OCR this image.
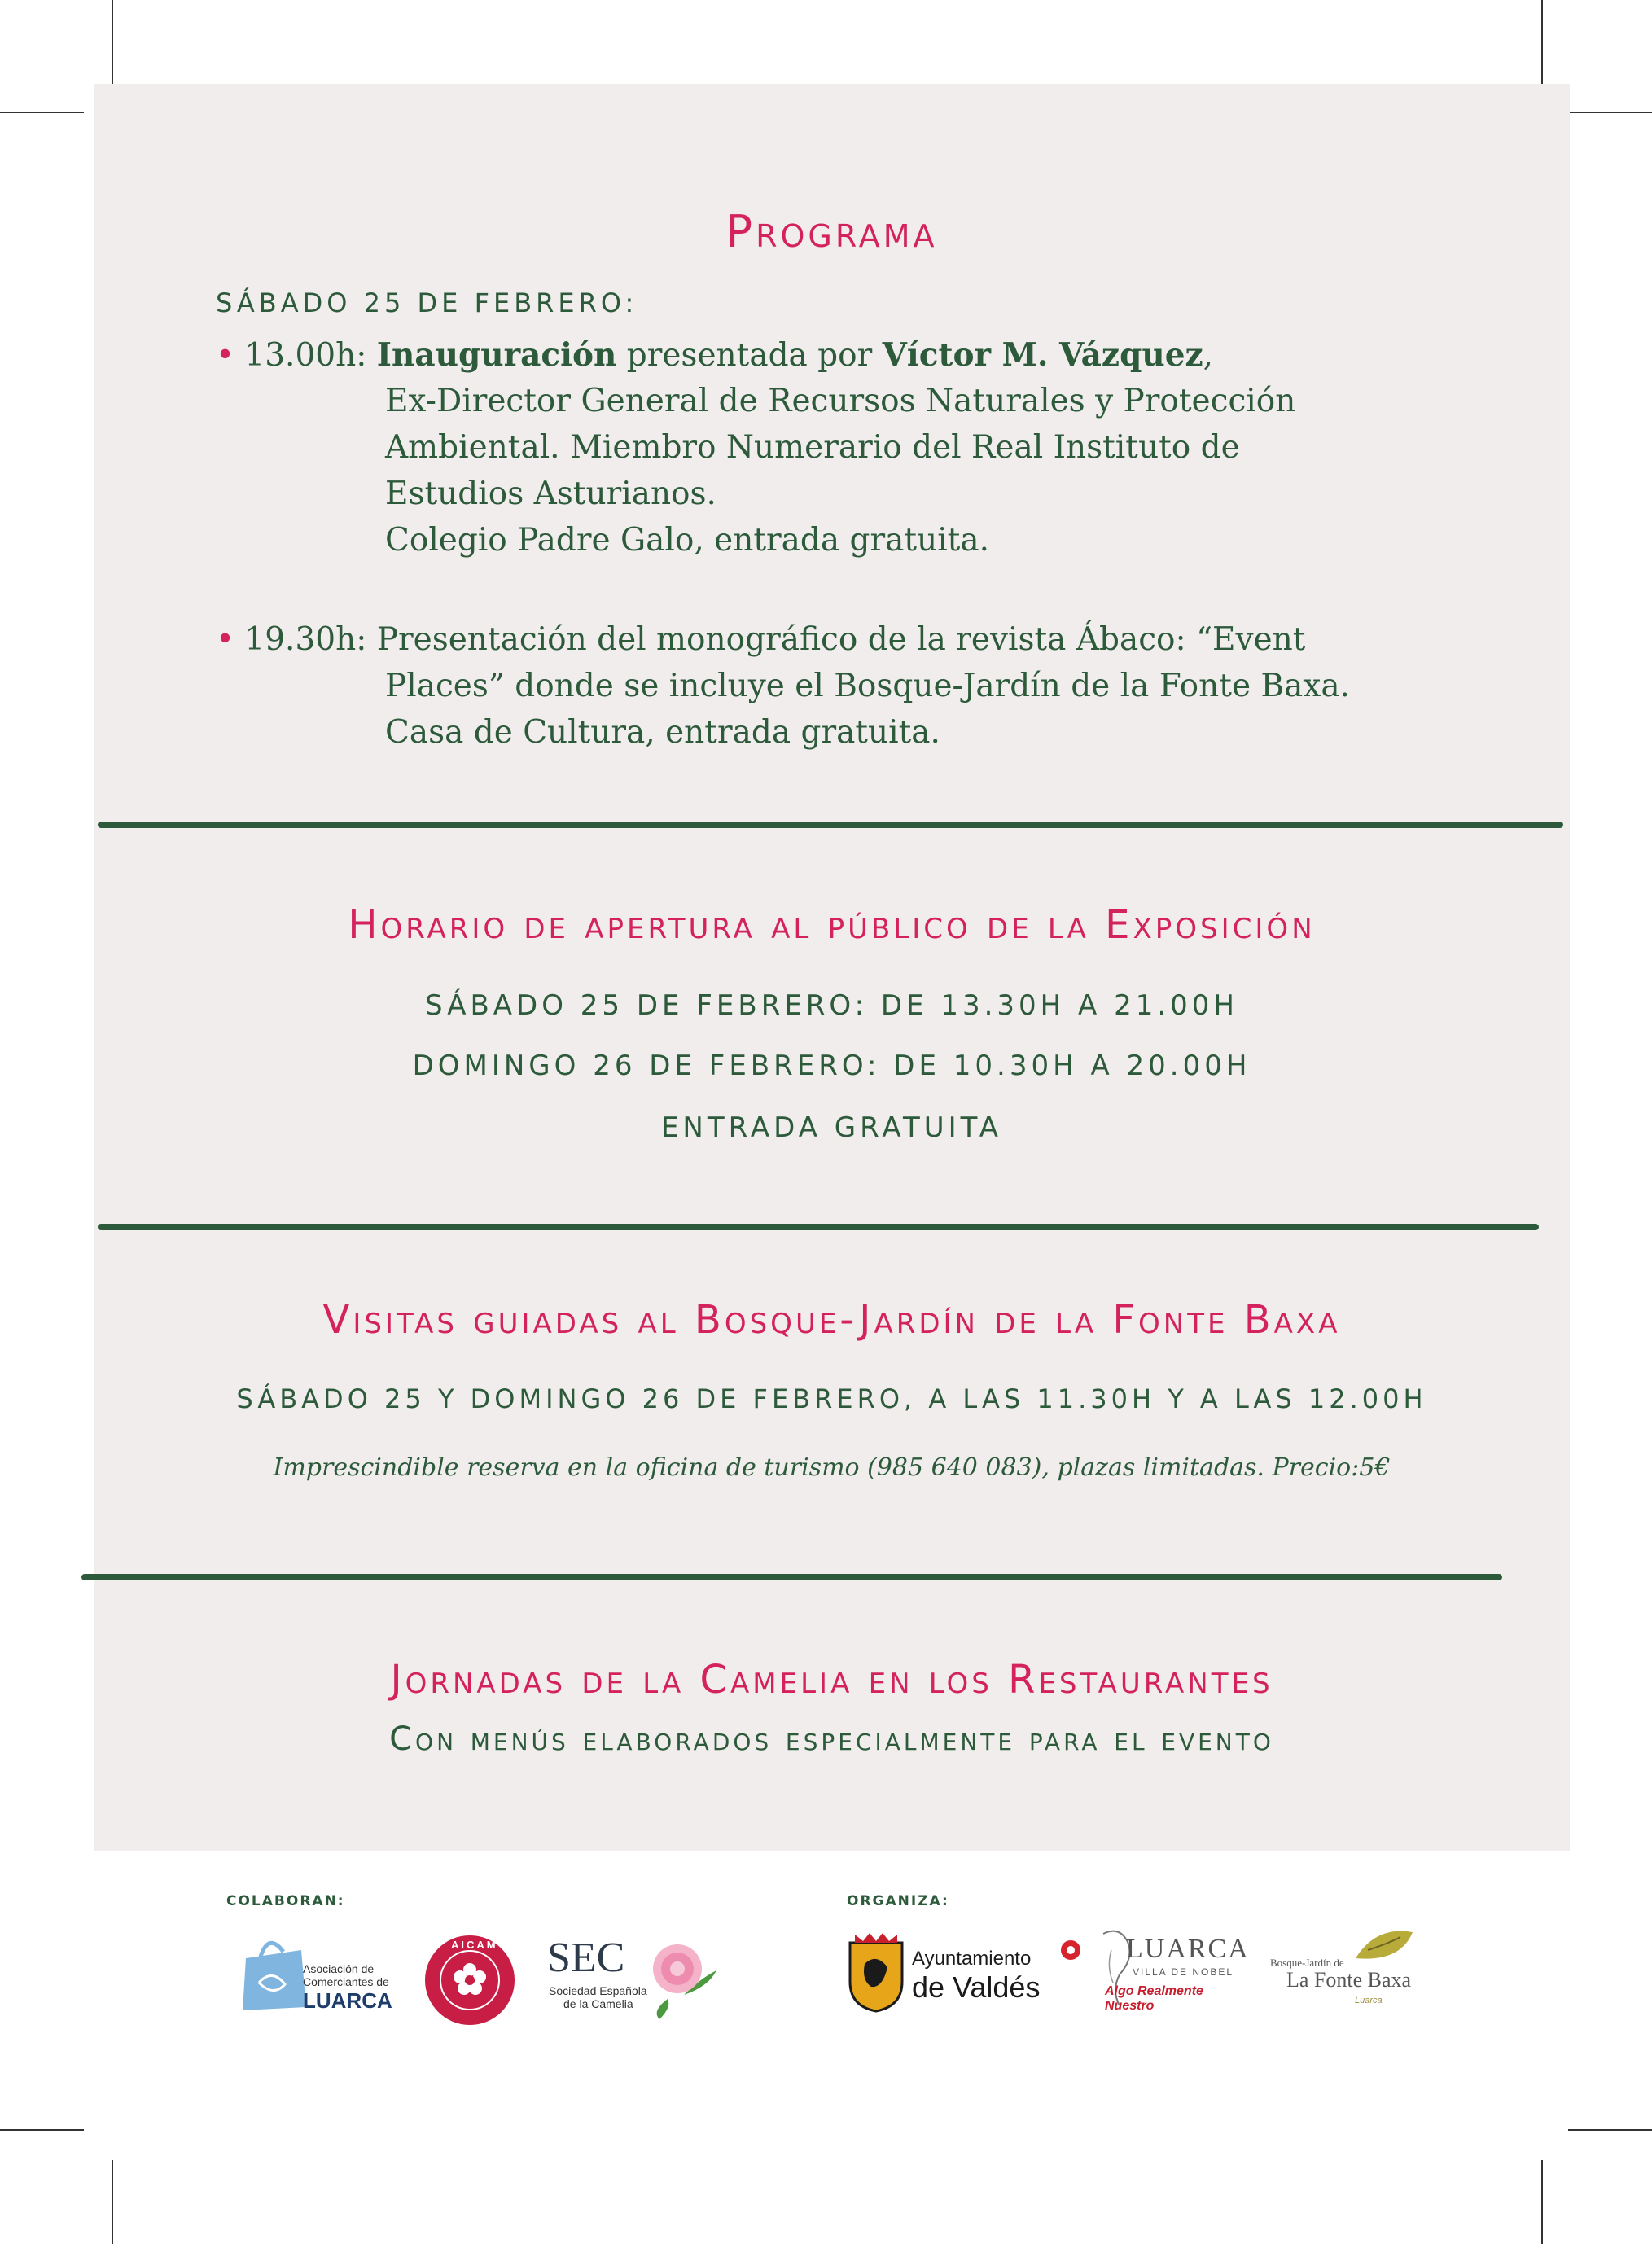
Programa
SÁBADO 25 DE FEBRERO:
• 13.00h: Inauguración presentada por Víctor M. Vázquez,
Ex-Director General de Recursos Naturales y Protección
Ambiental. Miembro Numerario del Real Instituto de
Estudios Asturianos.
Colegio Padre Galo, entrada gratuita.
• 19.30h: Presentación del monográfico de la revista Ábaco: “Event
Places” donde se incluye el Bosque-Jardín de la Fonte Baxa.
Casa de Cultura, entrada gratuita.
Horario de apertura al público de la Exposición
SÁBADO 25 DE FEBRERO: DE 13.30H A 21.00H
DOMINGO 26 DE FEBRERO: DE 10.30H A 20.00H
ENTRADA GRATUITA
Visitas guiadas al Bosque-Jardín de la Fonte Baxa
SÁBADO 25 Y DOMINGO 26 DE FEBRERO, A LAS 11.30H Y A LAS 12.00H
Imprescindible reserva en la oficina de turismo (985 640 083), plazas limitadas. Precio:5€
Jornadas de la Camelia en los Restaurantes
Con menús elaborados especialmente para el evento
COLABORAN:	ORGANIZA:
Asociación de
Comerciantes de
LUARCA
AICAM SEC
Sociedad Española
de la Camelia
Ayuntamiento
de Valdés
LUARCA
VILLA DE NOBEL
Algo Realmente Nuestro
Bosque-Jardín de
La Fonte Baxa
Luarca
